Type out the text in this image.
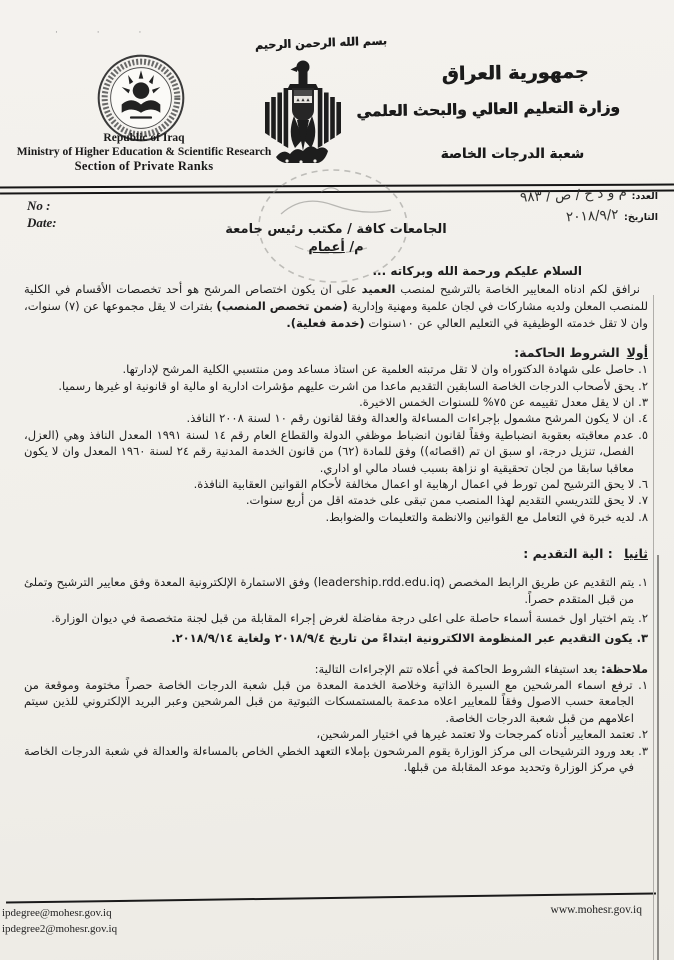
· · ·
بسم الله الرحمن الرحيم
جمهورية العراق
وزارة التعليم العالي والبحث العلمي
شعبة الدرجات الخاصة
Republic of Iraq
Ministry of Higher Education & Scientific Research
Section of Private Ranks
No :
Date:
العدد: م و د خ / ص / ٩٨٣
التاريخ: ٢٠١٨/٩/٢
الجامعات كافة / مكتب رئيس جامعة
م/ أعمام
السلام عليكم ورحمة الله وبركاته ...

نرافق لكم ادناه المعايير الخاصة بالترشيح لمنصب العميد على ان يكون اختصاص المرشح هو أحد تخصصات الأقسام في الكلية للمنصب المعلن ولديه مشاركات في لجان علمية ومهنية وإدارية (ضمن تخصص المنصب) بفترات لا يقل مجموعها عن (٧) سنوات، وان لا تقل خدمته الوظيفية في التعليم العالي عن ١٠سنوات (خدمة فعلية).

أولاالشروط الحاكمة:
١. حاصل على شهادة الدكتوراه وان لا تقل مرتبته العلمية عن استاذ مساعد ومن منتسبي الكلية المرشح لإدارتها.
٢. يحق لأصحاب الدرجات الخاصة السابقين التقديم ماعدا من اشرت عليهم مؤشرات ادارية او مالية او قانونية او غيرها رسميا.
٣. ان لا يقل معدل تقييمه عن ٧٥% للسنوات الخمس الاخيرة.
٤. ان لا يكون المرشح مشمول بإجراءات المساءلة والعدالة وفقا لقانون رقم ١٠ لسنة ٢٠٠٨ النافذ.
٥. عدم معاقبته بعقوبة انضباطية وفقاً لقانون انضباط موظفي الدولة والقطاع العام رقم ١٤ لسنة ١٩٩١ المعدل النافذ وهي (العزل، الفصل، تنزيل درجة، او سبق ان تم (اقصائه)) وفق للمادة (٦٢) من قانون الخدمة المدنية رقم ٢٤ لسنة ١٩٦٠ المعدل وان لا يكون معاقبا سابقا من لجان تحقيقية او نزاهة بسبب فساد مالي او اداري.
٦. لا يحق الترشيح لمن تورط في اعمال ارهابية او اعمال مخالفة لأحكام القوانين العقابية النافذة.
٧. لا يحق للتدريسي التقديم لهذا المنصب ممن تبقى على خدمته اقل من أربع سنوات.
٨. لديه خبرة في التعامل مع القوانين والانظمة والتعليمات والضوابط.
ثانيا : الية التقديم :
١. يتم التقديم عن طريق الرابط المخصص (leadership.rdd.edu.iq) وفق الاستمارة الإلكترونية المعدة وفق معايير الترشيح وتملئ من قبل المتقدم حصراً.
٢. يتم اختيار اول خمسة أسماء حاصلة على اعلى درجة مفاضلة لغرض إجراء المقابلة من قبل لجنة متخصصة في ديوان الوزارة.
٣. يكون التقديم عبر المنظومة الالكترونية ابتداءً من تاريخ ٢٠١٨/٩/٤ ولغاية ٢٠١٨/٩/١٤.
ملاحظة: بعد استيفاء الشروط الحاكمة في أعلاه تتم الإجراءات التالية:
١. ترفع اسماء المرشحين مع السيرة الذاتية وخلاصة الخدمة المعدة من قبل شعبة الدرجات الخاصة حصراً مختومة وموقعة من الجامعة حسب الاصول وفقاً للمعايير اعلاه مدعمة بالمستمسكات الثبوتية من قبل المرشحين وعبر البريد الإلكتروني للذين سيتم اعلامهم من قبل شعبة الدرجات الخاصة.
٢. تعتمد المعايير أدناه كمرجحات ولا تعتمد غيرها في اختيار المرشحين،
٣. بعد ورود الترشيحات الى مركز الوزارة يقوم المرشحون بإملاء التعهد الخطي الخاص بالمساءلة والعدالة في شعبة الدرجات الخاصة في مركز الوزارة وتحديد موعد المقابلة من قبلها.
ipdegree@mohesr.gov.iq
ipdegree2@mohesr.gov.iq
www.mohesr.gov.iq
